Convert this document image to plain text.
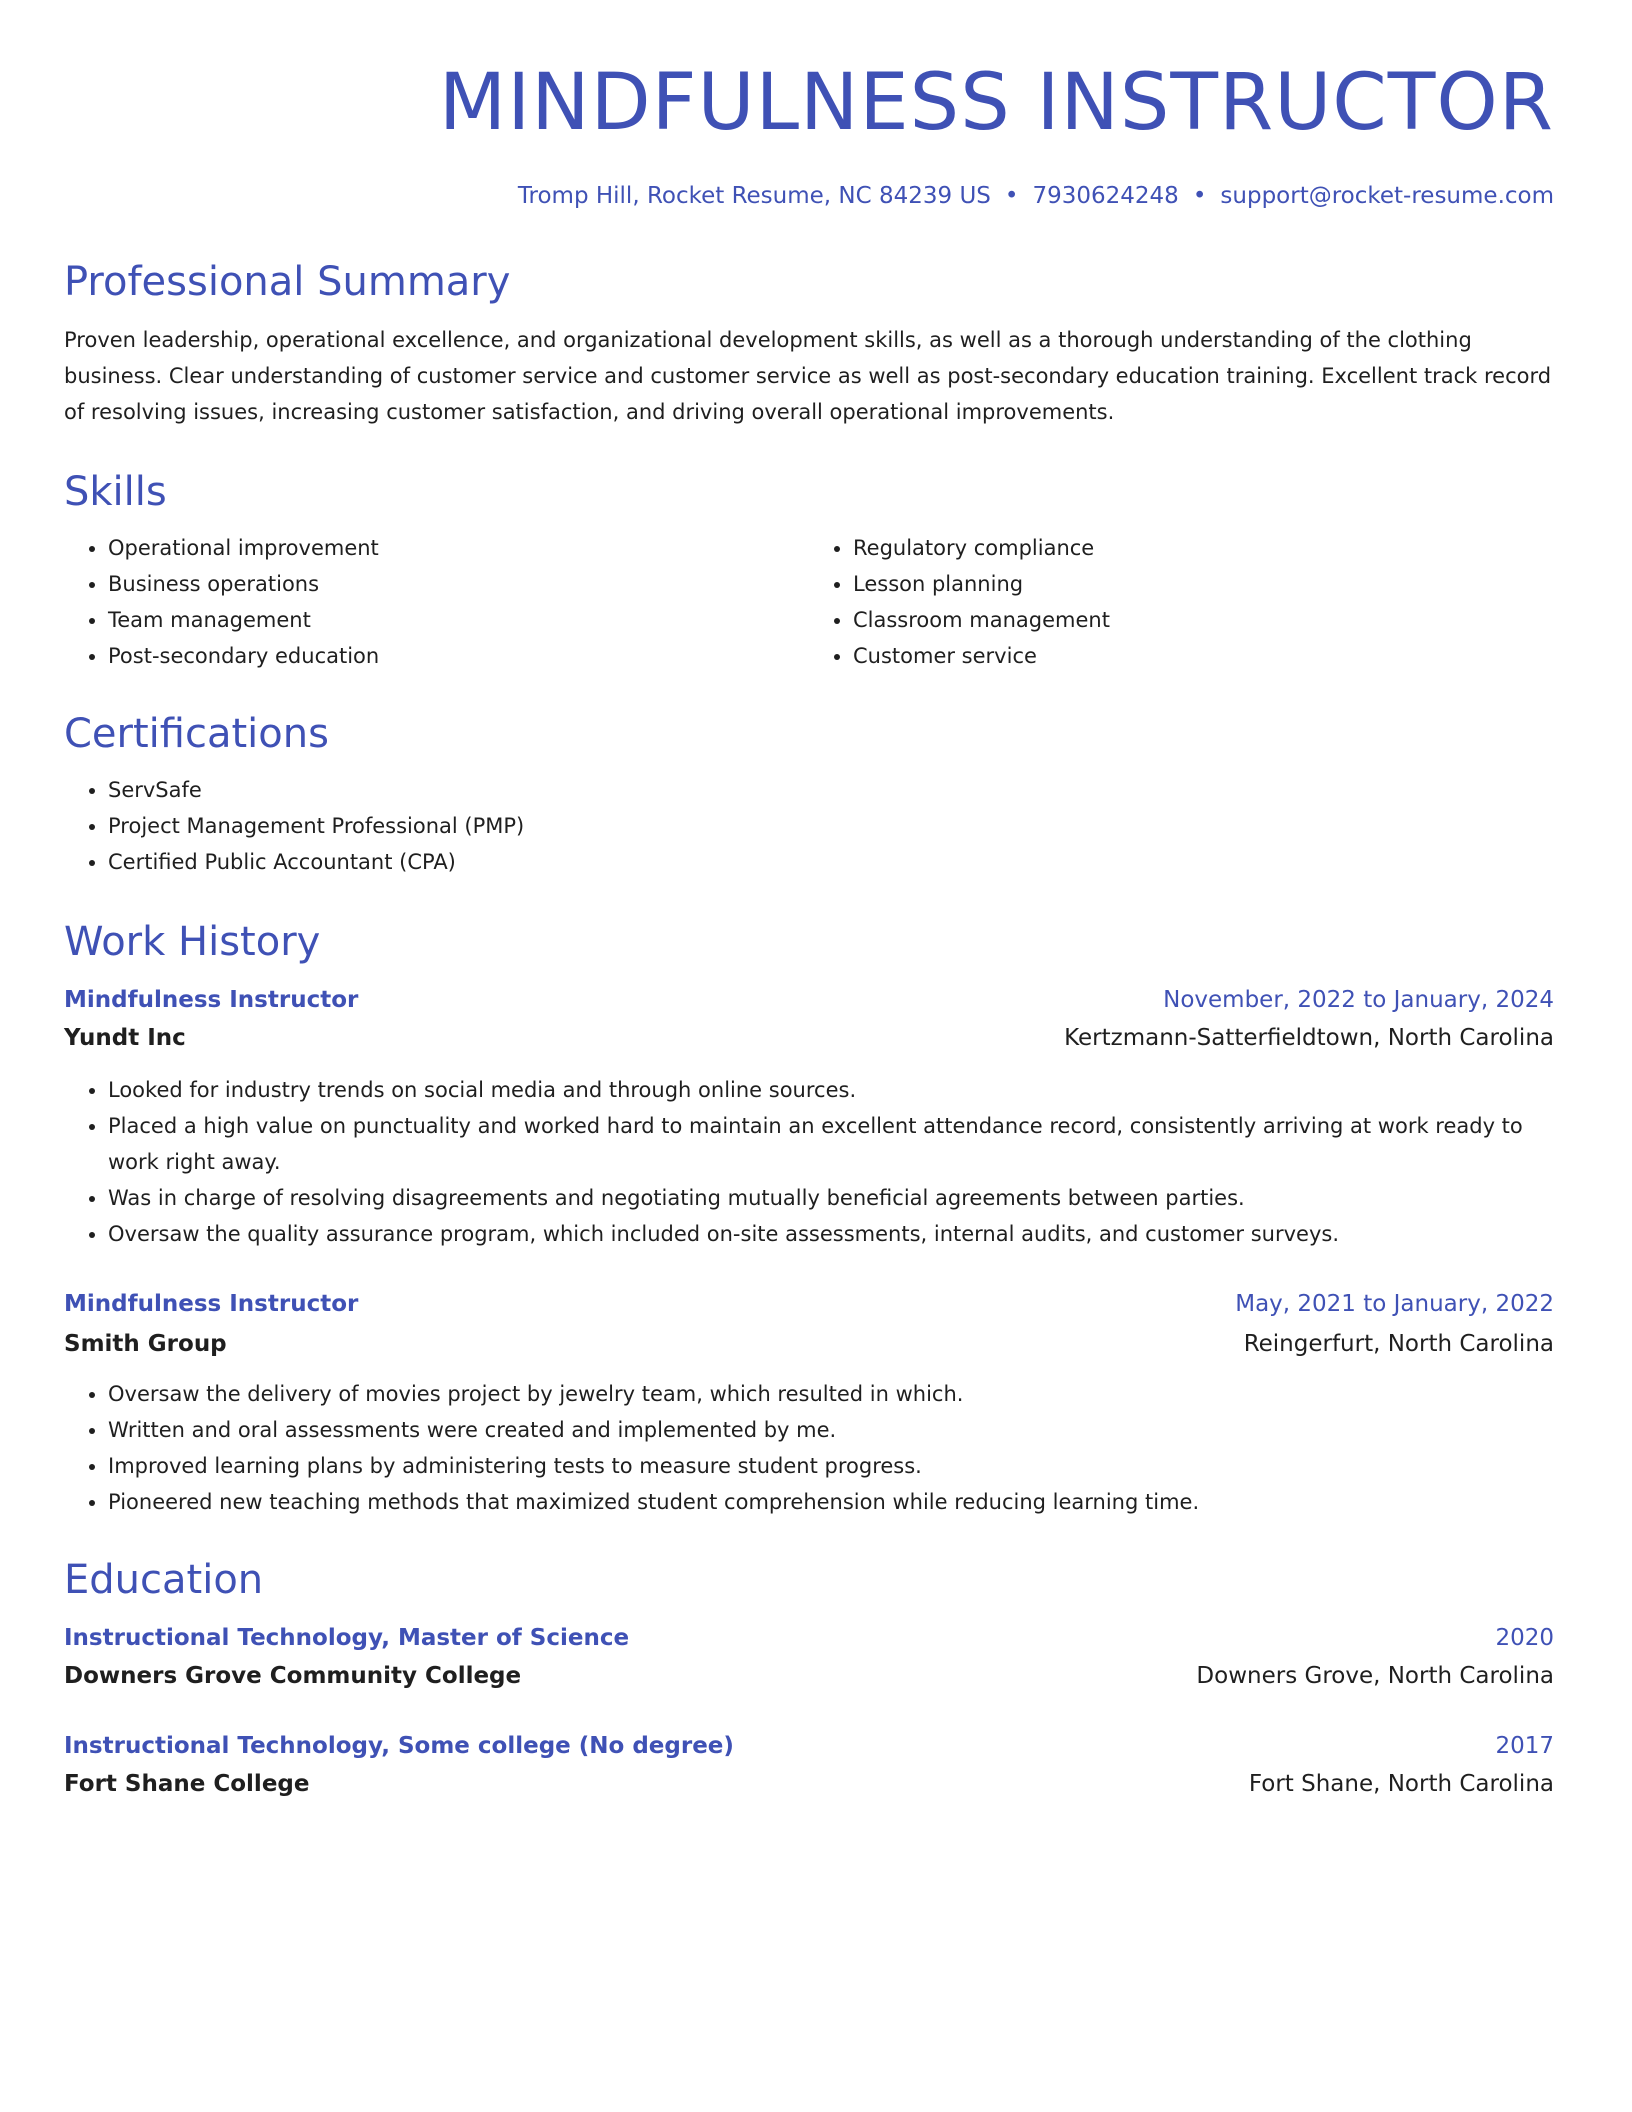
MINDFULNESS INSTRUCTOR
Tromp Hill, Rocket Resume, NC 84239 US • 7930624248 • support@rocket-resume.com
Professional Summary

Proven leadership, operational excellence, and organizational development skills, as well as a thorough understanding of the clothing business. Clear understanding of customer service and customer service as well as post-secondary education training. Excellent track record of resolving issues, increasing customer satisfaction, and driving overall operational improvements.

Skills
• Operational improvement
• Business operations
• Team management
• Post-secondary education
• Regulatory compliance
• Lesson planning
• Classroom management
• Customer service
Certifications
• ServSafe
• Project Management Professional (PMP)
• Certified Public Accountant (CPA)
Work History
Mindfulness Instructor	November, 2022 to January, 2024
Yundt Inc	Kertzmann-Satterfieldtown, North Carolina
• Looked for industry trends on social media and through online sources.
• Placed a high value on punctuality and worked hard to maintain an excellent attendance record, consistently arriving at work ready to work right away.
• Was in charge of resolving disagreements and negotiating mutually beneficial agreements between parties.
• Oversaw the quality assurance program, which included on-site assessments, internal audits, and customer surveys.
Mindfulness Instructor	May, 2021 to January, 2022
Smith Group	Reingerfurt, North Carolina
• Oversaw the delivery of movies project by jewelry team, which resulted in which.
• Written and oral assessments were created and implemented by me.
• Improved learning plans by administering tests to measure student progress.
• Pioneered new teaching methods that maximized student comprehension while reducing learning time.
Education
Instructional Technology, Master of Science	2020
Downers Grove Community College	Downers Grove, North Carolina
Instructional Technology, Some college (No degree)	2017
Fort Shane College	Fort Shane, North Carolina
